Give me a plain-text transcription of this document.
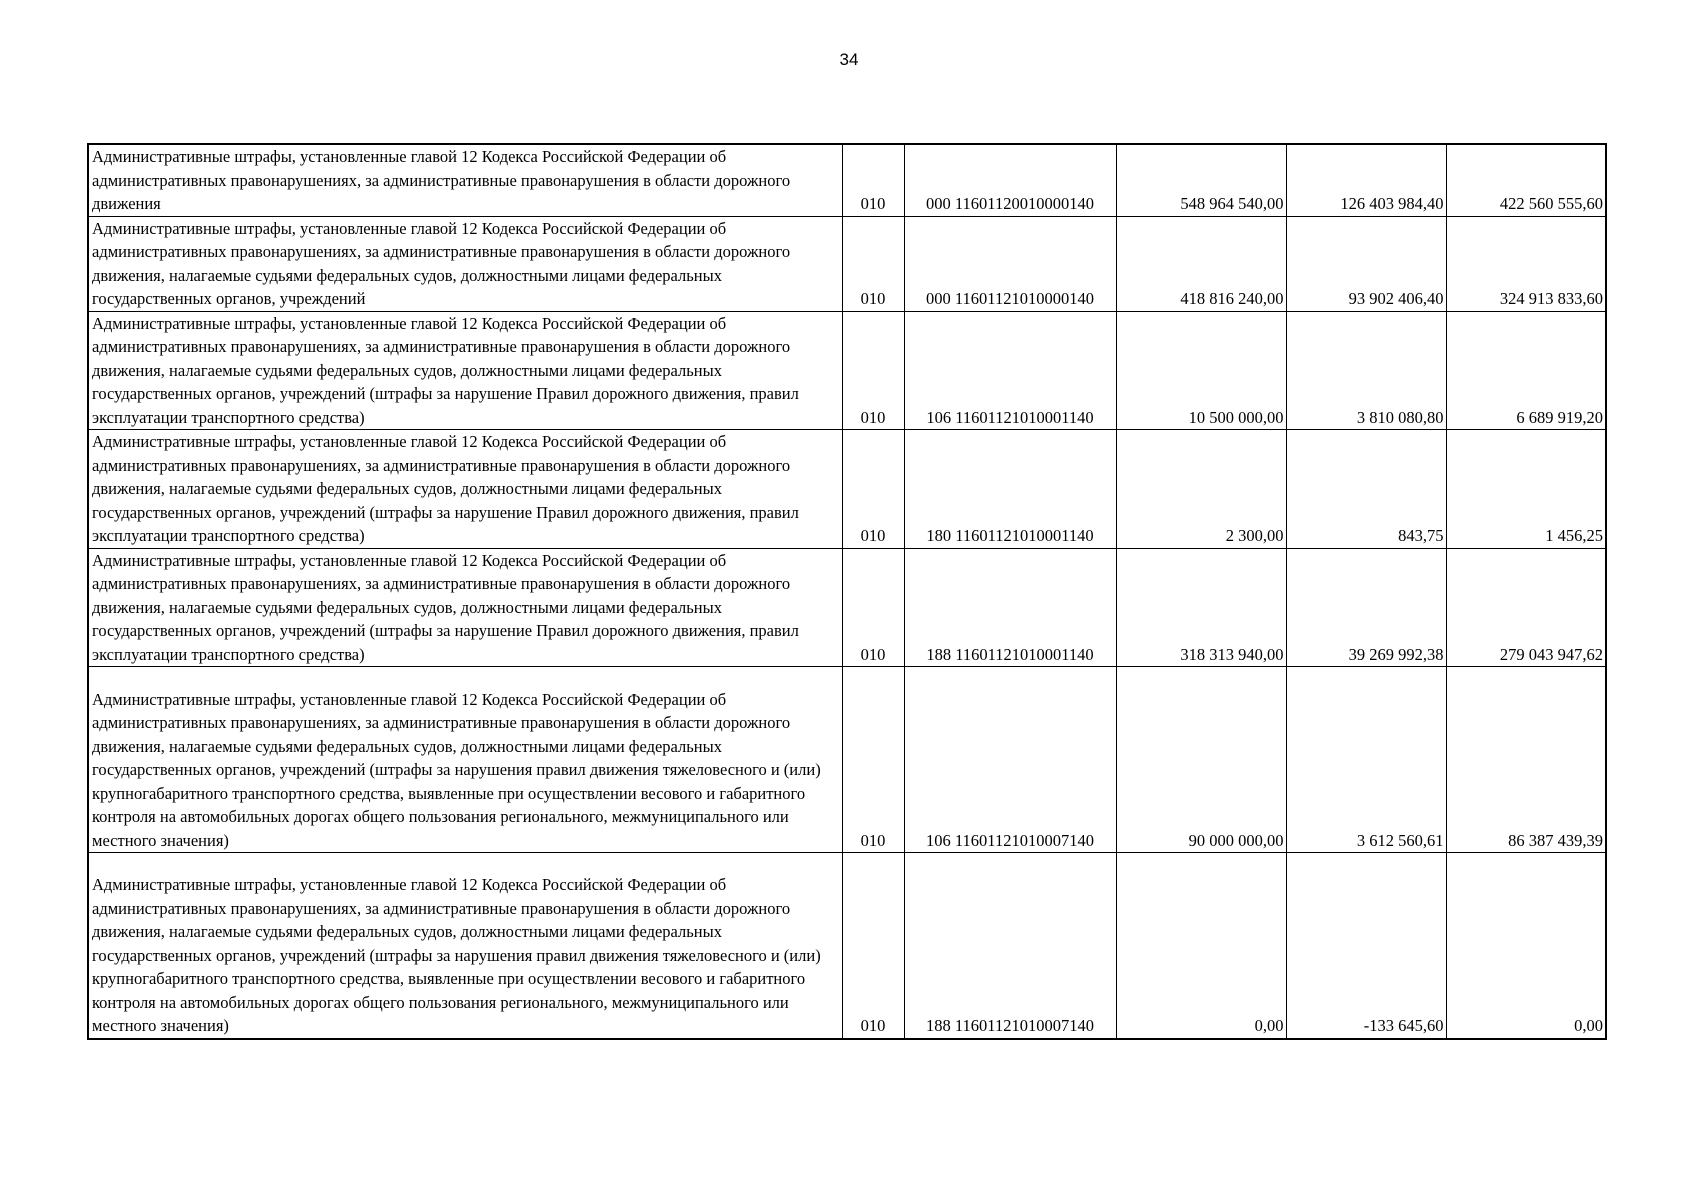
34
Административные штрафы, установленные главой 12 Кодекса Российской Федерации об административных правонарушениях, за административные правонарушения в области дорожного движения	010	000 11601120010000140	548 964 540,00	126 403 984,40	422 560 555,60
Административные штрафы, установленные главой 12 Кодекса Российской Федерации об административных правонарушениях, за административные правонарушения в области дорожного движения, налагаемые судьями федеральных судов, должностными лицами федеральных государственных органов, учреждений	010	000 11601121010000140	418 816 240,00	93 902 406,40	324 913 833,60
Административные штрафы, установленные главой 12 Кодекса Российской Федерации об административных правонарушениях, за административные правонарушения в области дорожного движения, налагаемые судьями федеральных судов, должностными лицами федеральных государственных органов, учреждений (штрафы за нарушение Правил дорожного движения, правил эксплуатации транспортного средства)	010	106 11601121010001140	10 500 000,00	3 810 080,80	6 689 919,20
Административные штрафы, установленные главой 12 Кодекса Российской Федерации об административных правонарушениях, за административные правонарушения в области дорожного движения, налагаемые судьями федеральных судов, должностными лицами федеральных государственных органов, учреждений (штрафы за нарушение Правил дорожного движения, правил эксплуатации транспортного средства)	010	180 11601121010001140	2 300,00	843,75	1 456,25
Административные штрафы, установленные главой 12 Кодекса Российской Федерации об административных правонарушениях, за административные правонарушения в области дорожного движения, налагаемые судьями федеральных судов, должностными лицами федеральных государственных органов, учреждений (штрафы за нарушение Правил дорожного движения, правил эксплуатации транспортного средства)	010	188 11601121010001140	318 313 940,00	39 269 992,38	279 043 947,62
Административные штрафы, установленные главой 12 Кодекса Российской Федерации об административных правонарушениях, за административные правонарушения в области дорожного движения, налагаемые судьями федеральных судов, должностными лицами федеральных государственных органов, учреждений (штрафы за нарушения правил движения тяжеловесного и (или) крупногабаритного транспортного средства, выявленные при осуществлении весового и габаритного контроля на автомобильных дорогах общего пользования регионального, межмуниципального или местного значения)	010	106 11601121010007140	90 000 000,00	3 612 560,61	86 387 439,39
Административные штрафы, установленные главой 12 Кодекса Российской Федерации об административных правонарушениях, за административные правонарушения в области дорожного движения, налагаемые судьями федеральных судов, должностными лицами федеральных государственных органов, учреждений (штрафы за нарушения правил движения тяжеловесного и (или) крупногабаритного транспортного средства, выявленные при осуществлении весового и габаритного контроля на автомобильных дорогах общего пользования регионального, межмуниципального или местного значения)	010	188 11601121010007140	0,00	-133 645,60	0,00
